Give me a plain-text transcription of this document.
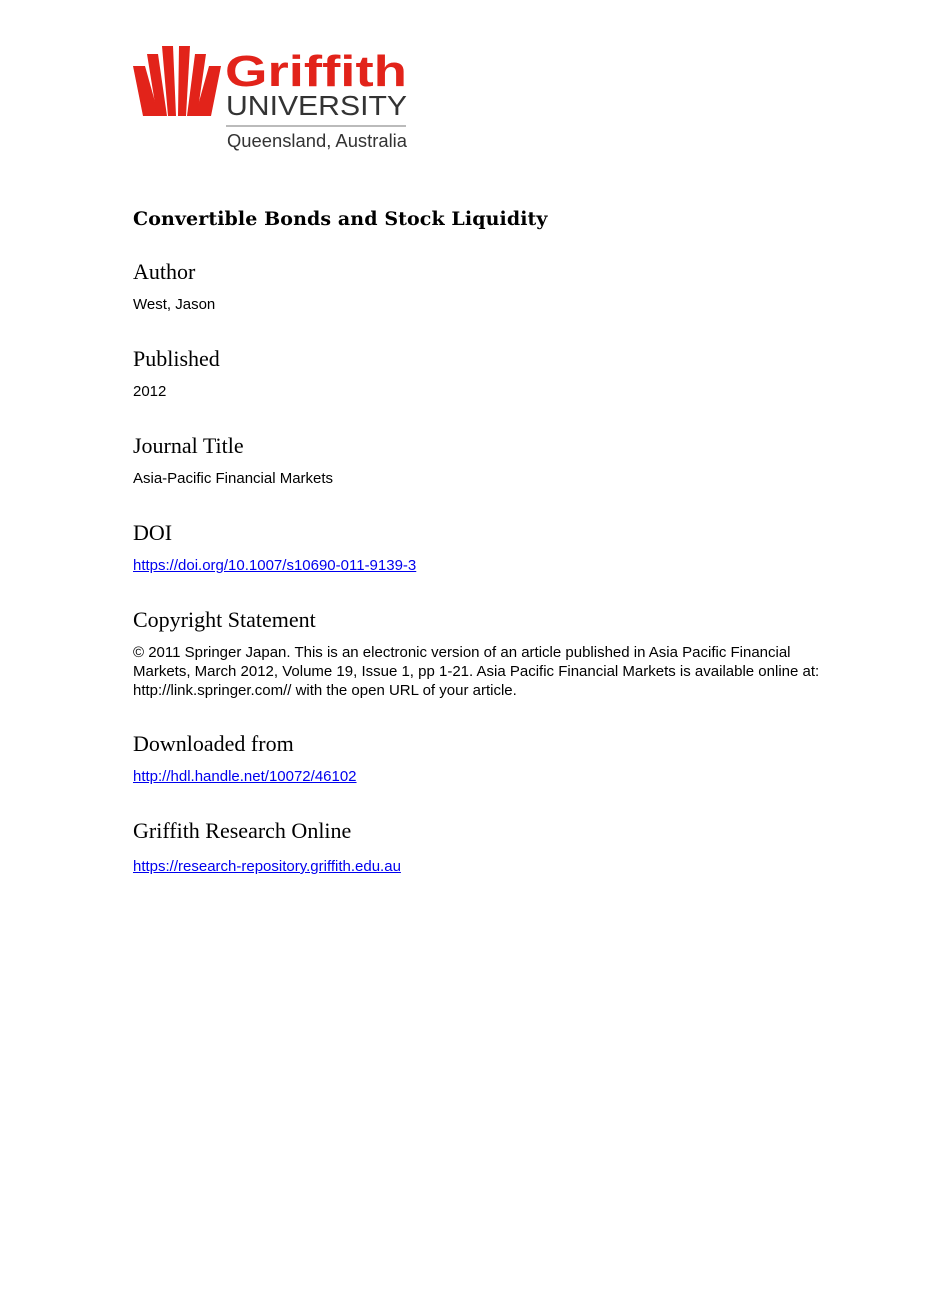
Griffith
UNIVERSITY
Queensland, Australia
Convertible Bonds and Stock Liquidity
Author

West, Jason

Published

2012

Journal Title

Asia-Pacific Financial Markets

DOI
https://doi.org/10.1007/s10690-011-9139-3
Copyright Statement

© 2011 Springer Japan. This is an electronic version of an article published in Asia Pacific Financial Markets, March 2012, Volume 19, Issue 1, pp 1-21. Asia Pacific Financial Markets is available online at: http://link.springer.com// with the open URL of your article.

Downloaded from
http://hdl.handle.net/10072/46102
Griffith Research Online
https://research-repository.griffith.edu.au
